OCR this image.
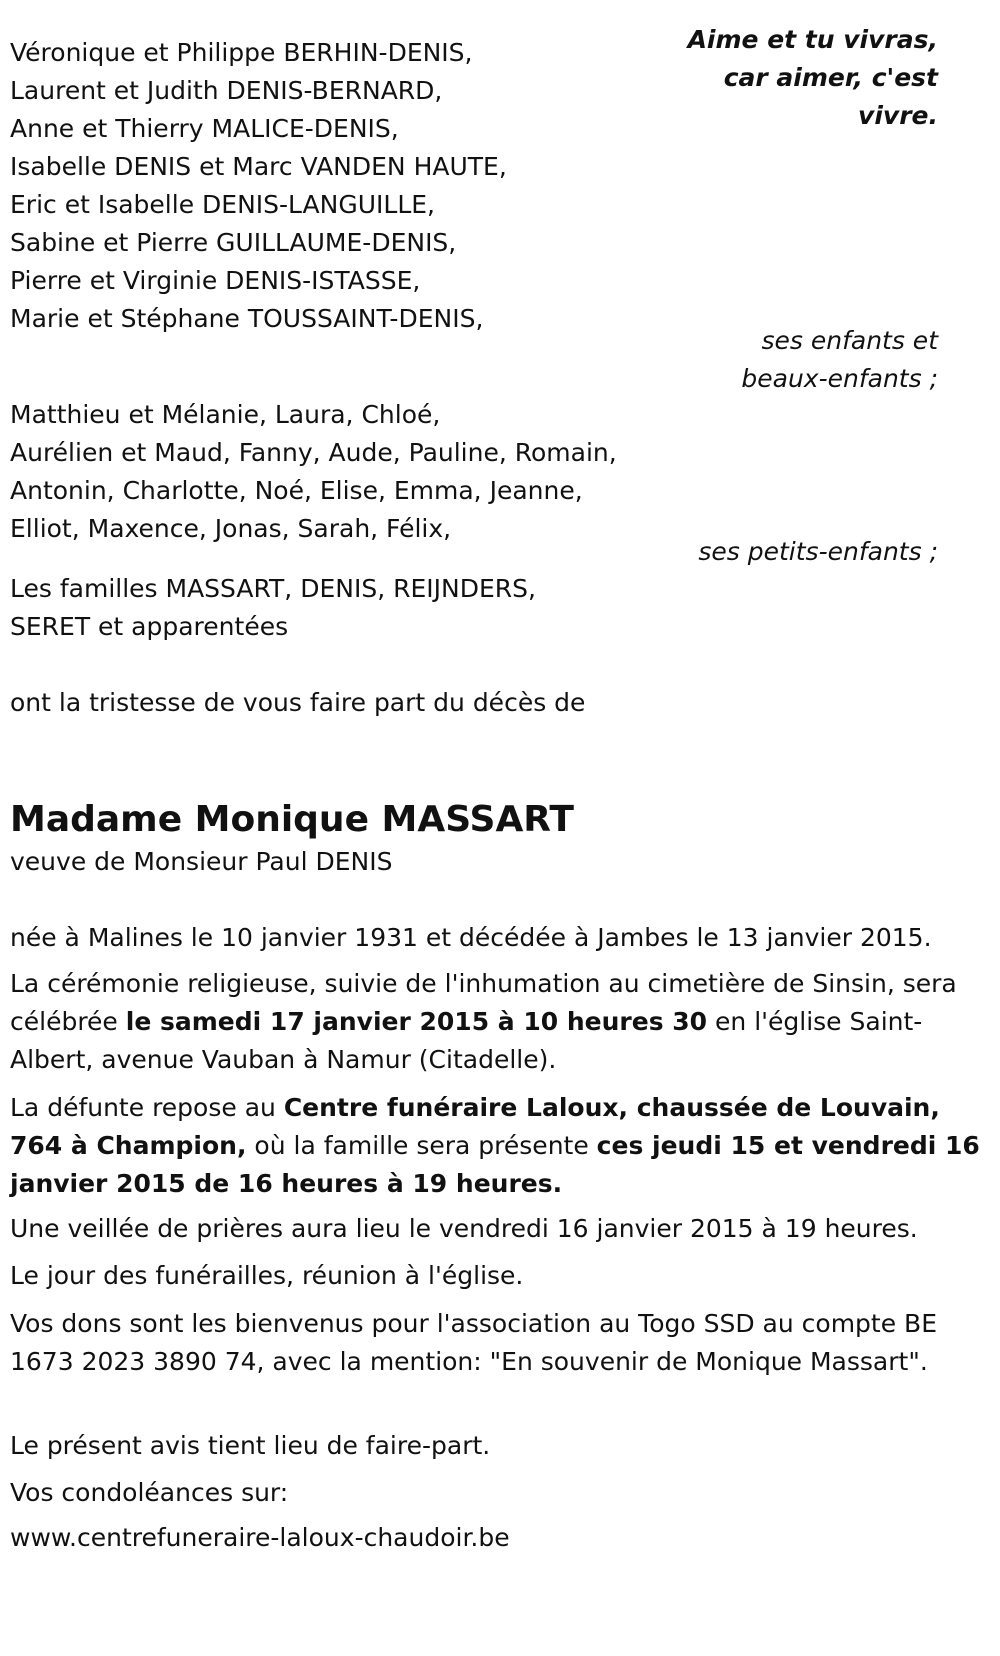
Aime et tu vivras,
car aimer, c'est
vivre.
Véronique et Philippe BERHIN-DENIS,
Laurent et Judith DENIS-BERNARD,
Anne et Thierry MALICE-DENIS,
Isabelle DENIS et Marc VANDEN HAUTE,
Eric et Isabelle DENIS-LANGUILLE,
Sabine et Pierre GUILLAUME-DENIS,
Pierre et Virginie DENIS-ISTASSE,
Marie et Stéphane TOUSSAINT-DENIS,
ses enfants et
beaux-enfants ;
Matthieu et Mélanie, Laura, Chloé,
Aurélien et Maud, Fanny, Aude, Pauline, Romain,
Antonin, Charlotte, Noé, Elise, Emma, Jeanne,
Elliot, Maxence, Jonas, Sarah, Félix,
ses petits-enfants ;
Les familles MASSART, DENIS, REIJNDERS,
SERET et apparentées
ont la tristesse de vous faire part du décès de
Madame Monique MASSART
veuve de Monsieur Paul DENIS
née à Malines le 10 janvier 1931 et décédée à Jambes le 13 janvier 2015.
La cérémonie religieuse, suivie de l'inhumation au cimetière de Sinsin, sera célébrée le samedi 17 janvier 2015 à 10 heures 30 en l'église Saint-Albert, avenue Vauban à Namur (Citadelle).
La défunte repose au Centre funéraire Laloux, chaussée de Louvain, 764 à Champion, où la famille sera présente ces jeudi 15 et vendredi 16 janvier 2015 de 16 heures à 19 heures.
Une veillée de prières aura lieu le vendredi 16 janvier 2015 à 19 heures.
Le jour des funérailles, réunion à l'église.
Vos dons sont les bienvenus pour l'association au Togo SSD au compte BE 1673 2023 3890 74, avec la mention: "En souvenir de Monique Massart".
Le présent avis tient lieu de faire-part.
Vos condoléances sur:
www.centrefuneraire-laloux-chaudoir.be
